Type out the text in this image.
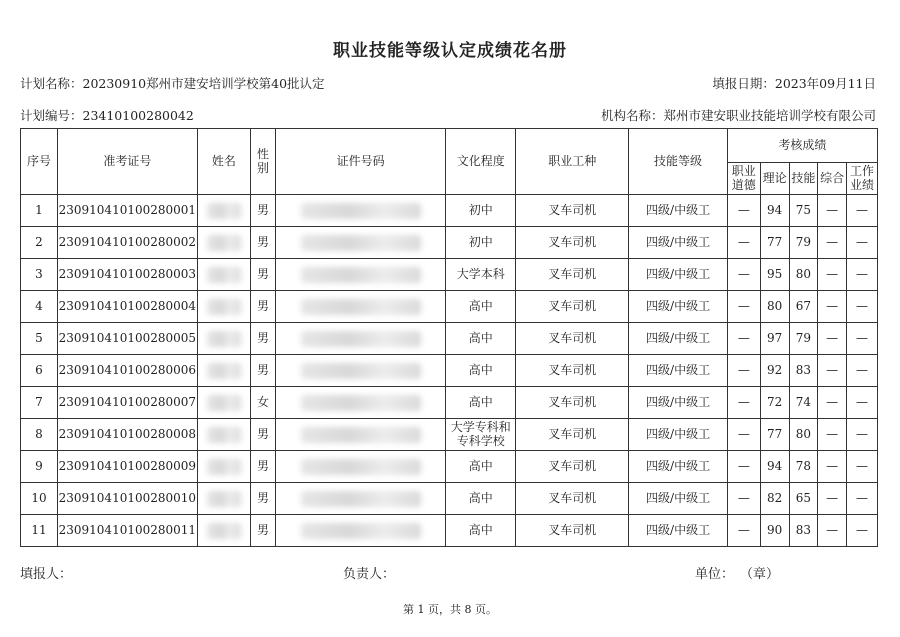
职业技能等级认定成绩花名册
计划名称：20230910郑州市建安培训学校第40批认定	填报日期：2023年09月11日
计划编号：23410100280042	机构名称：郑州市建安职业技能培训学校有限公司
序号	准考证号	姓名	性别	证件号码	文化程度	职业工种	技能等级	考核成绩				
								职业道德	理论	技能	综合	工作业绩
1	230910410100280001		男		初中	叉车司机	四级/中级工	—	94	75	—	—
2	230910410100280002		男		初中	叉车司机	四级/中级工	—	77	79	—	—
3	230910410100280003		男		大学本科	叉车司机	四级/中级工	—	95	80	—	—
4	230910410100280004		男		高中	叉车司机	四级/中级工	—	80	67	—	—
5	230910410100280005		男		高中	叉车司机	四级/中级工	—	97	79	—	—
6	230910410100280006		男		高中	叉车司机	四级/中级工	—	92	83	—	—
7	230910410100280007		女		高中	叉车司机	四级/中级工	—	72	74	—	—
8	230910410100280008		男		大学专科和专科学校	叉车司机	四级/中级工	—	77	80	—	—
9	230910410100280009		男		高中	叉车司机	四级/中级工	—	94	78	—	—
10	230910410100280010		男		高中	叉车司机	四级/中级工	—	82	65	—	—
11	230910410100280011		男		高中	叉车司机	四级/中级工	—	90	83	—	—
填报人：	负责人：	单位： （章）
第 1 页，共 8 页。
